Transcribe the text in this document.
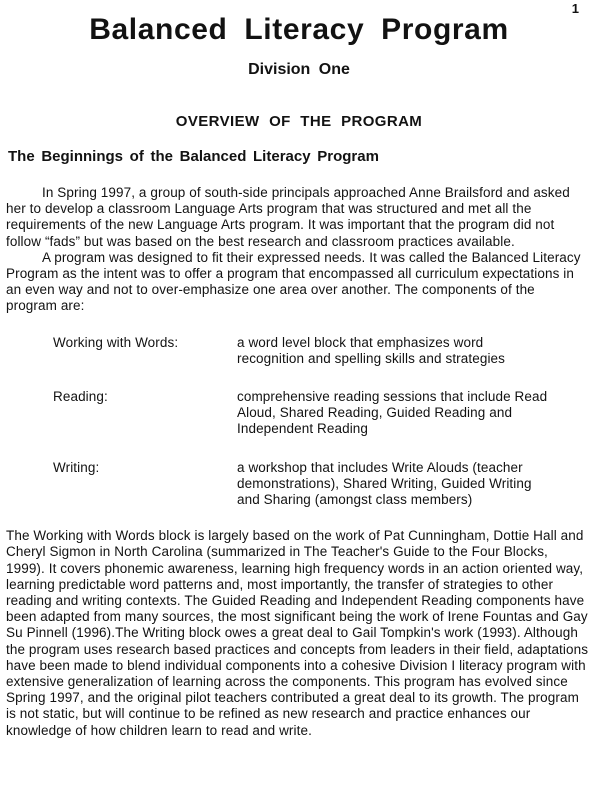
1
Balanced Literacy Program
Division One
OVERVIEW OF THE PROGRAM
The Beginnings of the Balanced Literacy Program

In Spring 1997, a group of south-side principals approached Anne Brailsford and asked her to develop a classroom Language Arts program that was structured and met all the requirements of the new Language Arts program. It was important that the program did not follow “fads” but was based on the best research and classroom practices available.

A program was designed to fit their expressed needs. It was called the Balanced Literacy Program as the intent was to offer a program that encompassed all curriculum expectations in an even way and not to over-emphasize one area over another. The components of the program are:

Working with Words:	a word level block that emphasizes word recognition and spelling skills and strategies
Reading:	comprehensive reading sessions that include Read Aloud, Shared Reading, Guided Reading and Independent Reading
Writing:	a workshop that includes Write Alouds (teacher demonstrations), Shared Writing, Guided Writing and Sharing (amongst class members)

The Working with Words block is largely based on the work of Pat Cunningham, Dottie Hall and Cheryl Sigmon in North Carolina (summarized in The Teacher's Guide to the Four Blocks, 1999). It covers phonemic awareness, learning high frequency words in an action oriented way, learning predictable word patterns and, most importantly, the transfer of strategies to other reading and writing contexts. The Guided Reading and Independent Reading components have been adapted from many sources, the most significant being the work of Irene Fountas and Gay Su Pinnell (1996).The Writing block owes a great deal to Gail Tompkin's work (1993). Although the program uses research based practices and concepts from leaders in their field, adaptations have been made to blend individual components into a cohesive Division I literacy program with extensive generalization of learning across the components. This program has evolved since Spring 1997, and the original pilot teachers contributed a great deal to its growth. The program is not static, but will continue to be refined as new research and practice enhances our knowledge of how children learn to read and write.
